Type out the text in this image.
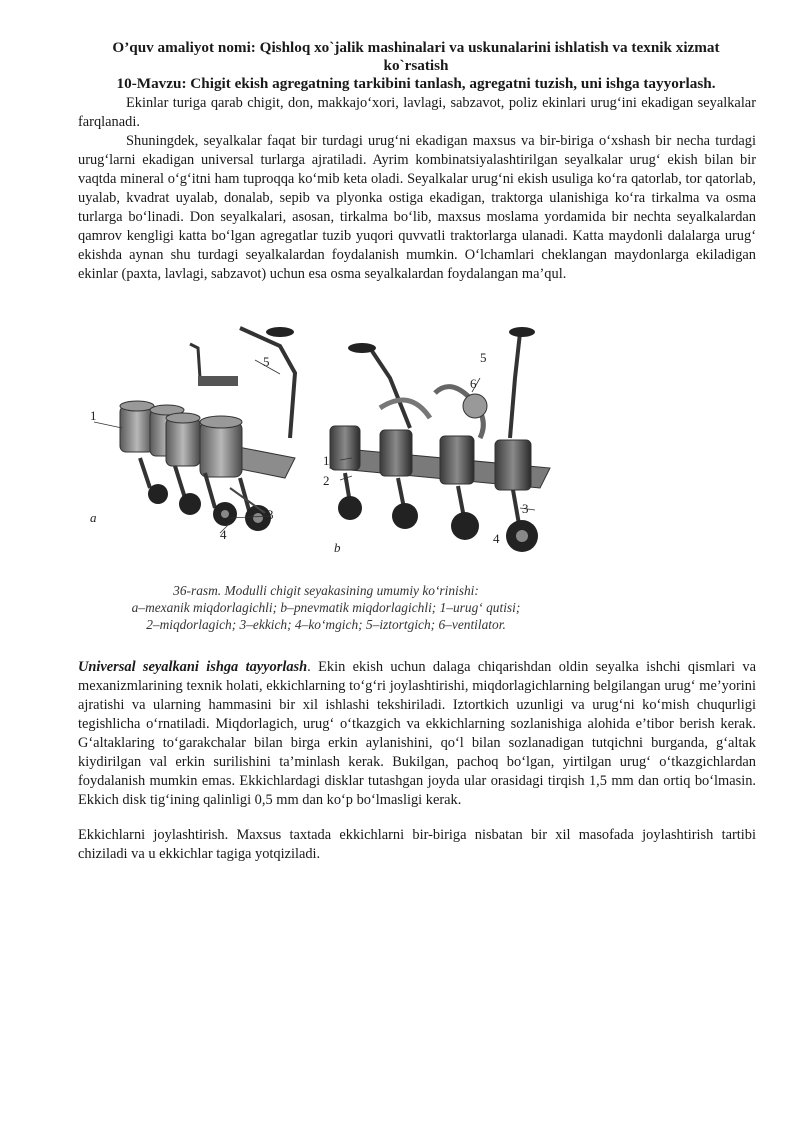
O’quv amaliyot nomi: Qishloq xo`jalik mashinalari va uskunalarini ishlatish va texnik xizmat
ko`rsatish
10-Mavzu: Chigit ekish agregatning tarkibini tanlash, agregatni tuzish, uni ishga tayyorlash.

Ekinlar turiga qarab chigit, don, makkajo‘xori, lavlagi, sabzavot, poliz ekinlari urug‘ini ekadigan seyalkalar farqlanadi.

Shuningdek, seyalkalar faqat bir turdagi urug‘ni ekadigan maxsus va bir-biriga o‘xshash bir necha turdagi urug‘larni ekadigan universal turlarga ajratiladi. Ayrim kombinatsiyalashtirilgan seyalkalar urug‘ ekish bilan bir vaqtda mineral o‘g‘itni ham tuproqqa ko‘mib keta oladi. Seyalkalar urug‘ni ekish usuliga ko‘ra qatorlab, tor qatorlab, uyalab, kvadrat uyalab, donalab, sepib va plyonka ostiga ekadigan, traktorga ulanishiga ko‘ra tirkalma va osma turlarga bo‘linadi. Don seyalkalari, asosan, tirkalma bo‘lib, maxsus moslama yordamida bir nechta seyalkalardan qamrov kengligi katta bo‘lgan agregatlar tuzib yuqori quvvatli traktorlarga ulanadi. Katta maydonli dalalarga urug‘ ekishda aynan shu turdagi seyalkalardan foydalanish mumkin. O‘lchamlari cheklangan maydonlarga ekiladigan ekinlar (paxta, lavlagi, sabzavot) uchun esa osma seyalkalardan foydalangan ma’qul.

1
5
3
4
a
5
6
1
2
3
4
b
36-rasm. Modulli chigit seyakasining umumiy ko‘rinishi:
a–mexanik miqdorlagichli; b–pnevmatik miqdorlagichli; 1–urug‘ qutisi;
2–miqdorlagich; 3–ekkich; 4–ko‘mgich; 5–iztortgich; 6–ventilator.

Universal seyalkani ishga tayyorlash. Ekin ekish uchun dalaga chiqarishdan oldin seyalka ishchi qismlari va mexanizmlarining texnik holati, ekkichlarning to‘g‘ri joylashtirishi, miqdorlagichlarning belgilangan urug‘ me’yorini ajratishi va ularning hammasini bir xil ishlashi tekshiriladi. Iztortkich uzunligi va urug‘ni ko‘mish chuqurligi tegishlicha o‘rnatiladi. Miqdorlagich, urug‘ o‘tkazgich va ekkichlarning sozlanishiga alohida e’tibor berish kerak. G‘altaklaring to‘garakchalar bilan birga erkin aylanishini, qo‘l bilan sozlanadigan tutqichni burganda, g‘altak kiydirilgan val erkin surilishini ta’minlash kerak. Bukilgan, pachoq bo‘lgan, yirtilgan urug‘ o‘tkazgichlardan foydalanish mumkin emas. Ekkichlardagi disklar tutashgan joyda ular orasidagi tirqish 1,5 mm dan ortiq bo‘lmasin. Ekkich disk tig‘ining qalinligi 0,5 mm dan ko‘p bo‘lmasligi kerak.

Ekkichlarni joylashtirish. Maxsus taxtada ekkichlarni bir-biriga nisbatan bir xil masofada joylashtirish tartibi chiziladi va u ekkichlar tagiga yotqiziladi.
